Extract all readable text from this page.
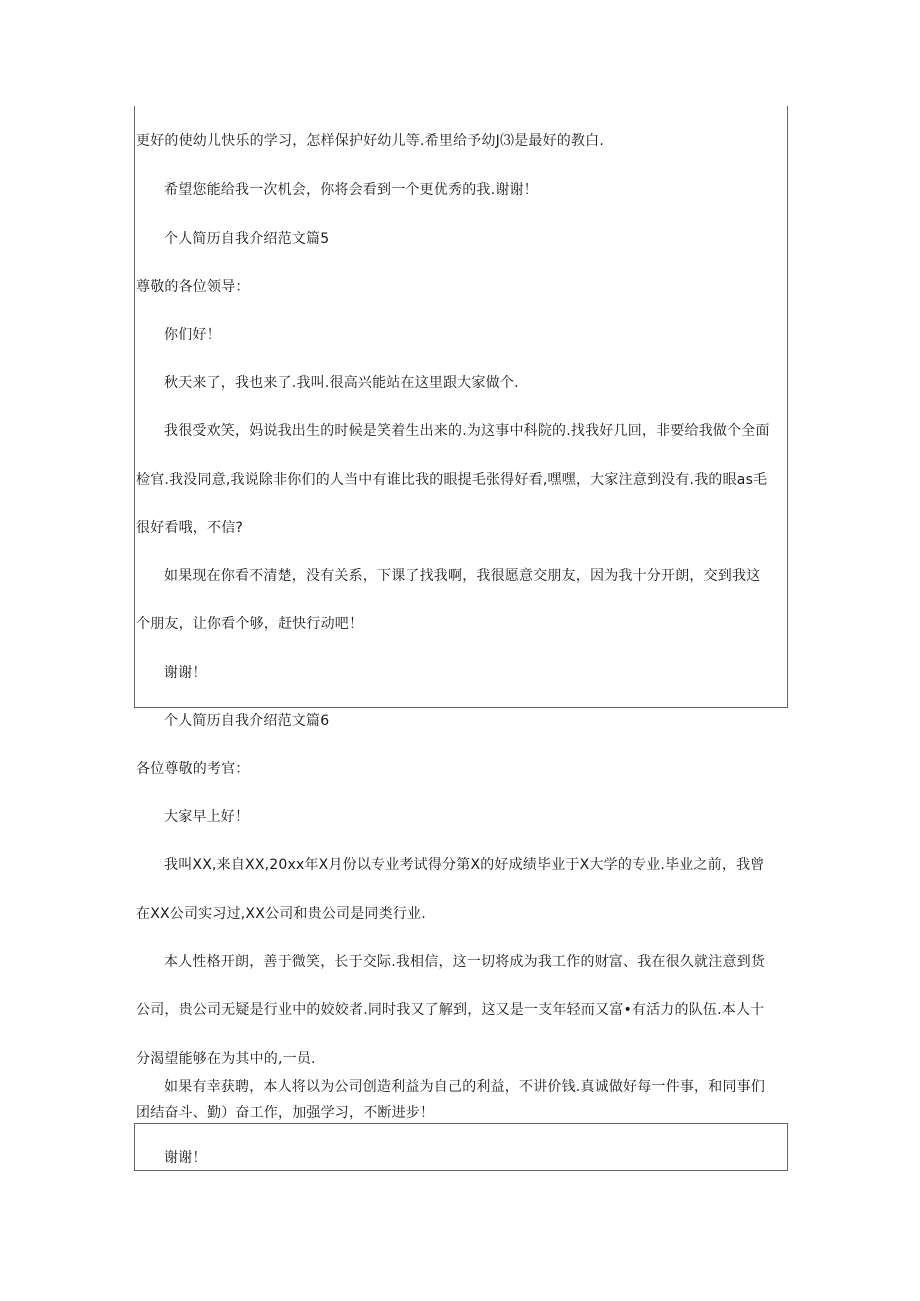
更好的使幼儿快乐的学习，怎样保护好幼儿等.希里给予幼J⑶是最好的教白.
希望您能给我一次机会，你将会看到一个更优秀的我.谢谢！
个人简历自我介绍范文篇5
尊敬的各位领导：
你们好！
秋天来了，我也来了.我叫.很高兴能站在这里跟大家做个.
我很受欢笑，妈说我出生的时候是笑着生出来的.为这事中科院的.找我好几回，非要给我做个全面
检官.我没同意,我说除非你们的人当中有谁比我的眼提毛张得好看,嘿嘿，大家注意到没有.我的眼as毛
很好看哦，不信?
如果现在你看不清楚，没有关系，下课了找我啊，我很愿意交朋友，因为我十分开朗，交到我这
个朋友，让你看个够，赶快行动吧！
谢谢！
个人简历自我介绍范文篇6
各位尊敬的考官：
大家早上好！
我叫XX,来自XX,20xx年X月份以专业考试得分第X的好成绩毕业于X大学的专业.毕业之前，我曾
在XX公司实习过,XX公司和贵公司是同类行业.
本人性格开朗，善于微笑，长于交际.我相信，这一切将成为我工作的财富、我在很久就注意到货
公司，贵公司无疑是行业中的姣姣者.同时我又了解到，这又是一支年轻而又富•有活力的队伍.本人十
分渴望能够在为其中的,一员.
如果有幸获聘，本人将以为公司创造利益为自己的利益，不讲价钱.真诚做好每一件事，和同事们
团结奋斗、勤）奋工作，加强学习，不断进步！
谢谢！
